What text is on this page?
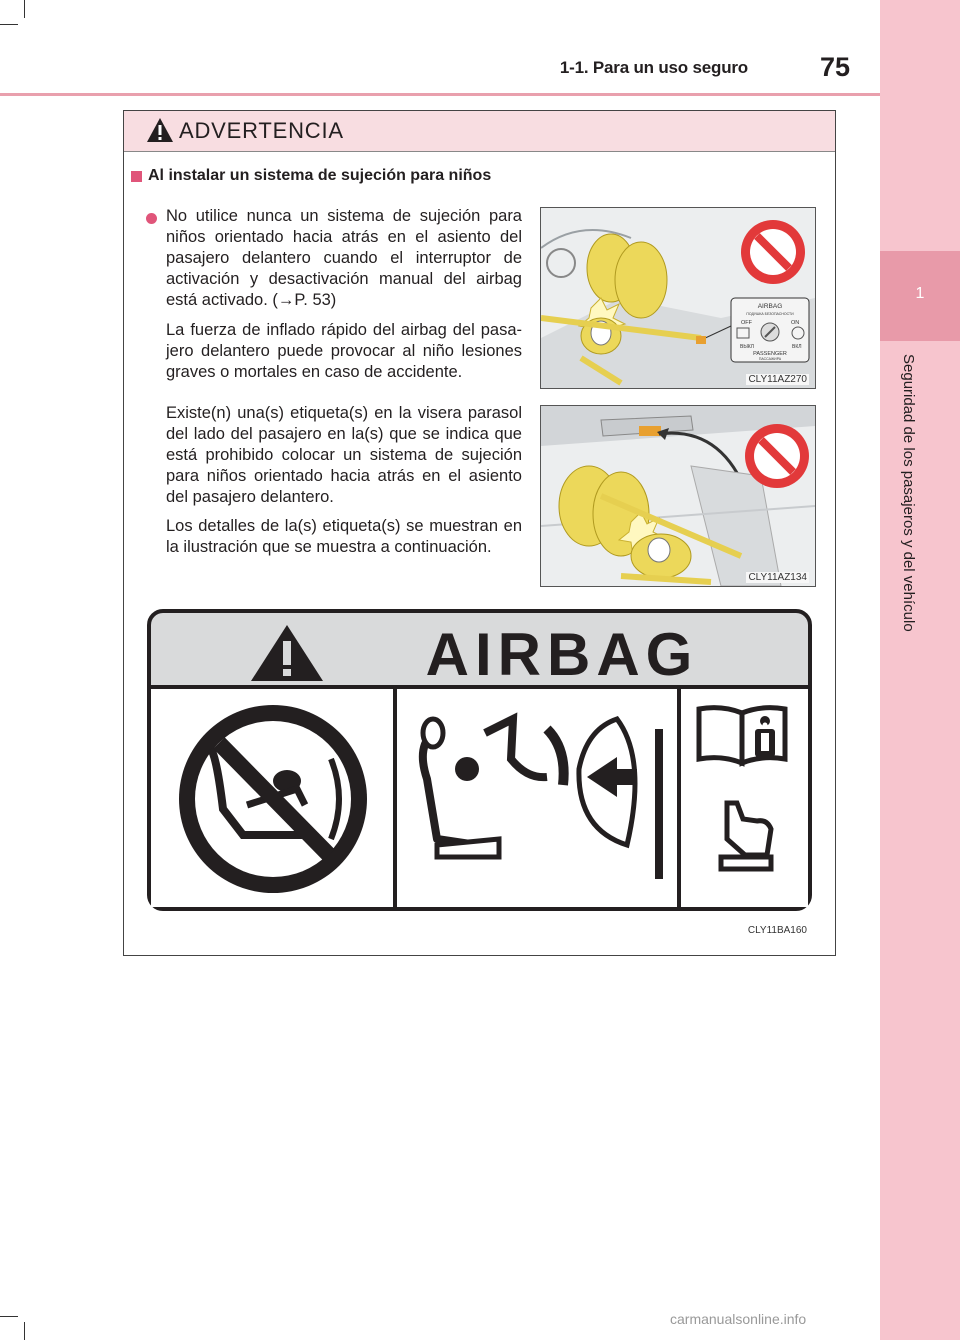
1
Seguridad de los pasajeros y del vehículo
1-1. Para un uso seguro	75
ADVERTENCIA
Al instalar un sistema de sujeción para niños
No utilice nunca un sistema de sujeción para niños orientado hacia atrás en el asiento del pasajero delantero cuando el interruptor de activación y desactivación manual del airbag está activado. (→P. 53)
La fuerza de inflado rápido del airbag del pasa-jero delantero puede provocar al niño lesiones graves o mortales en caso de accidente.
Existe(n) una(s) etiqueta(s) en la visera parasol del lado del pasajero en la(s) que se indica que está prohibido colocar un sistema de sujeción para niños orientado hacia atrás en el asiento del pasajero delantero.
Los detalles de la(s) etiqueta(s) se muestran en la ilustración que se muestra a continuación.
AIRBAG
ПОДУШКА БЕЗОПАСНОСТИ
OFF	ON
ВЫКЛ	ВКЛ
PASSENGER
ПАССАЖИРА
CLY11AZ270
CLY11AZ134
AIRBAG
CLY11BA160
carmanualsonline.info
